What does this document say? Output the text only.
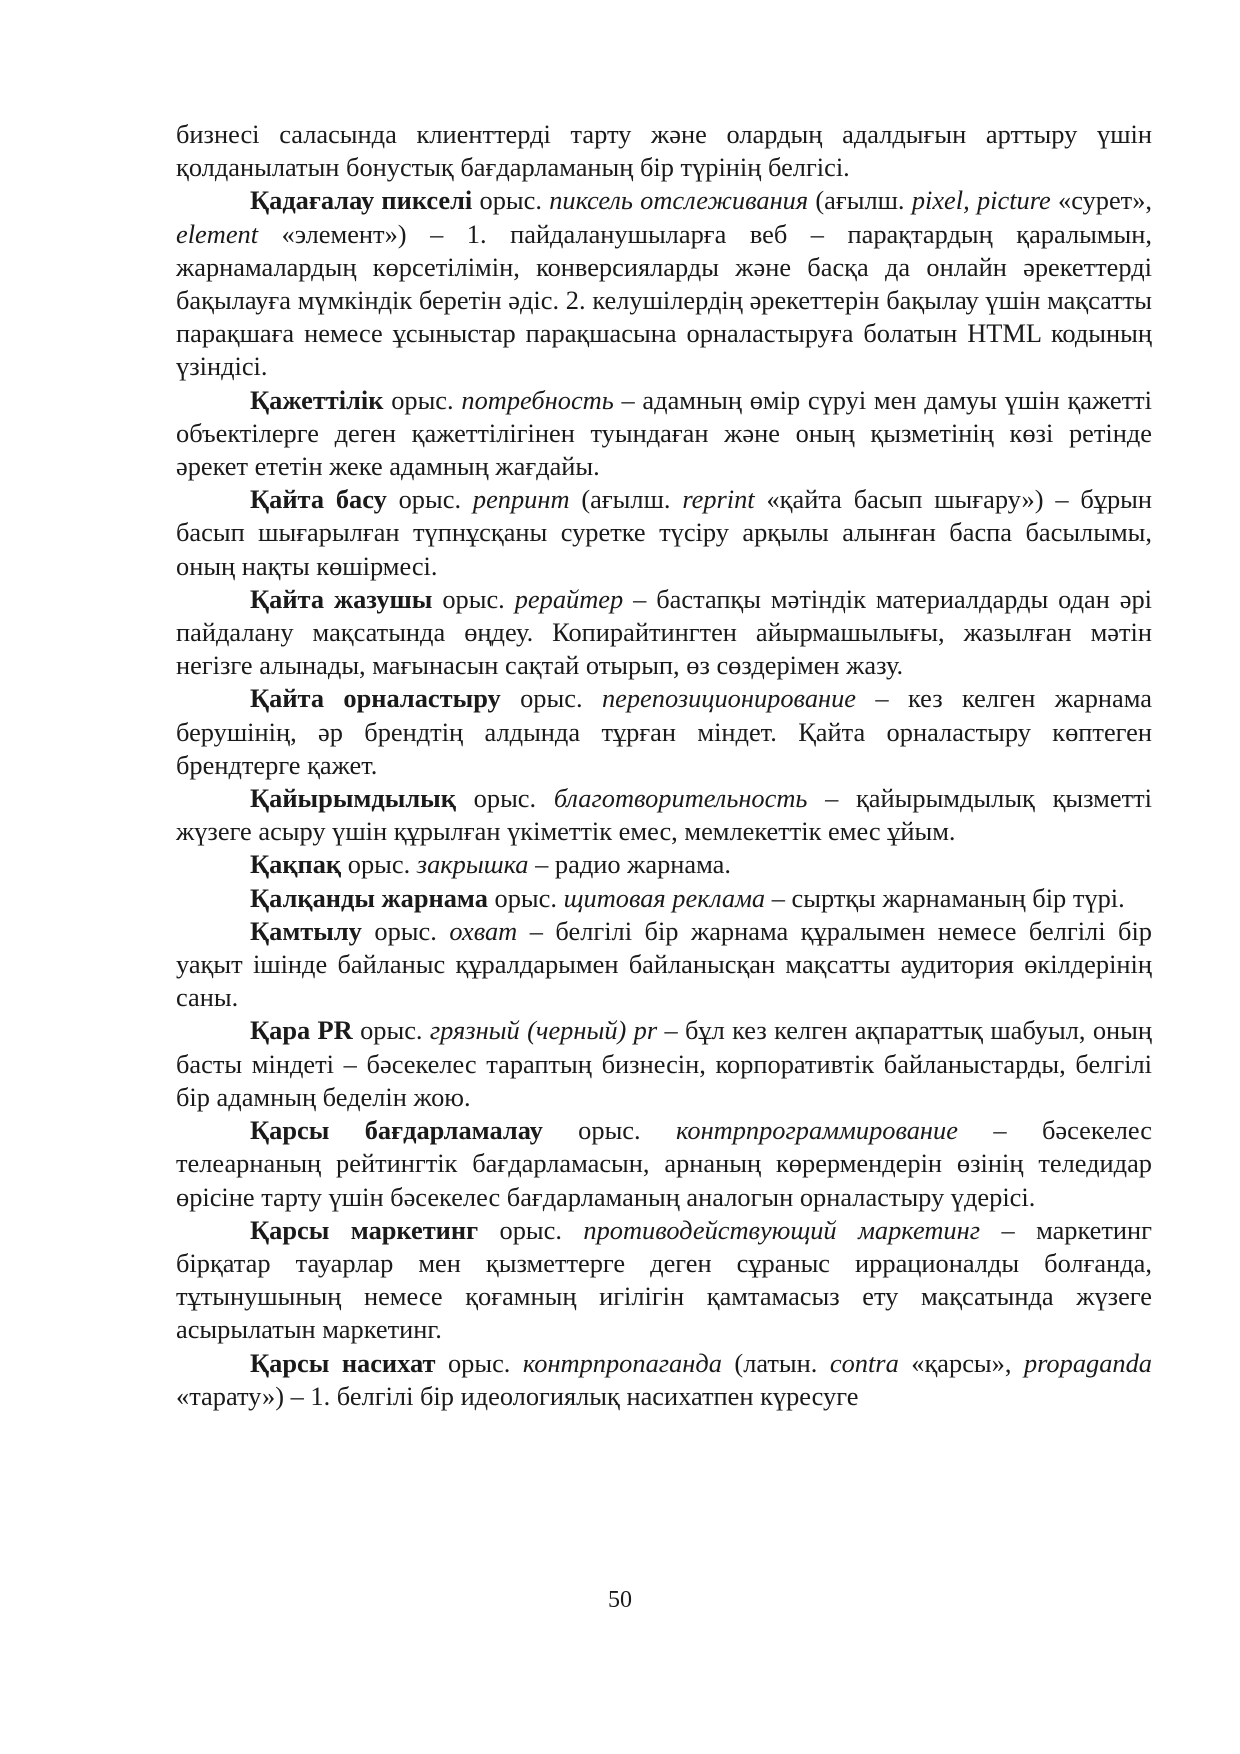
бизнесі саласында клиенттерді тарту және олардың адалдығын арттыру үшін қолданылатын бонустық бағдарламаның бір түрінің белгісі.

Қадағалау пикселі орыс. пиксель отслеживания (ағылш. pixel, picture «сурет», element «элемент») – 1. пайдаланушыларға веб – парақтардың қаралымын, жарнамалардың көрсетілімін, конверсияларды және басқа да онлайн әрекеттерді бақылауға мүмкіндік беретін әдіс. 2. келушілердің әрекеттерін бақылау үшін мақсатты парақшаға немесе ұсыныстар парақшасына орналастыруға болатын HTML кодының үзіндісі.

Қажеттілік орыс. потребность – адамның өмір сүруі мен дамуы үшін қажетті объектілерге деген қажеттілігінен туындаған және оның қызметінің көзі ретінде әрекет ететін жеке адамның жағдайы.

Қайта басу орыс. репринт (ағылш. reprint «қайта басып шығару») – бұрын басып шығарылған түпнұсқаны суретке түсіру арқылы алынған баспа басылымы, оның нақты көшірмесі.

Қайта жазушы орыс. рерайтер – бастапқы мәтіндік материалдарды одан әрі пайдалану мақсатында өңдеу. Копирайтингтен айырмашылығы, жазылған мәтін негізге алынады, мағынасын сақтай отырып, өз сөздерімен жазу.

Қайта орналастыру орыс. перепозиционирование – кез келген жарнама берушінің, әр брендтің алдында тұрған міндет. Қайта орналастыру көптеген брендтерге қажет.

Қайырымдылық орыс. благотворительность – қайырымдылық қызметті жүзеге асыру үшін құрылған үкіметтік емес, мемлекеттік емес ұйым.

Қақпақ орыс. закрышка – радио жарнама.

Қалқанды жарнама орыс. щитовая реклама – сыртқы жарнаманың бір түрі.

Қамтылу орыс. охват – белгілі бір жарнама құралымен немесе белгілі бір уақыт ішінде байланыс құралдарымен байланысқан мақсатты аудитория өкілдерінің саны.

Қара PR орыс. грязный (черный) pr – бұл кез келген ақпараттық шабуыл, оның басты міндеті – бәсекелес тараптың бизнесін, корпоративтік байланыстарды, белгілі бір адамның беделін жою.

Қарсы бағдарламалау орыс. контрпрограммирование – бәсекелес телеарнаның рейтингтік бағдарламасын, арнаның көрермендерін өзінің теледидар өрісіне тарту үшін бәсекелес бағдарламаның аналогын орналастыру үдерісі.

Қарсы маркетинг орыс. противодействующий маркетинг – маркетинг бірқатар тауарлар мен қызметтерге деген сұраныс иррационалды болғанда, тұтынушының немесе қоғамның игілігін қамтамасыз ету мақсатында жүзеге асырылатын маркетинг.

Қарсы насихат орыс. контрпропаганда (латын. contra «қарсы», propaganda «тарату») – 1. белгілі бір идеологиялық насихатпен күресуге

50
